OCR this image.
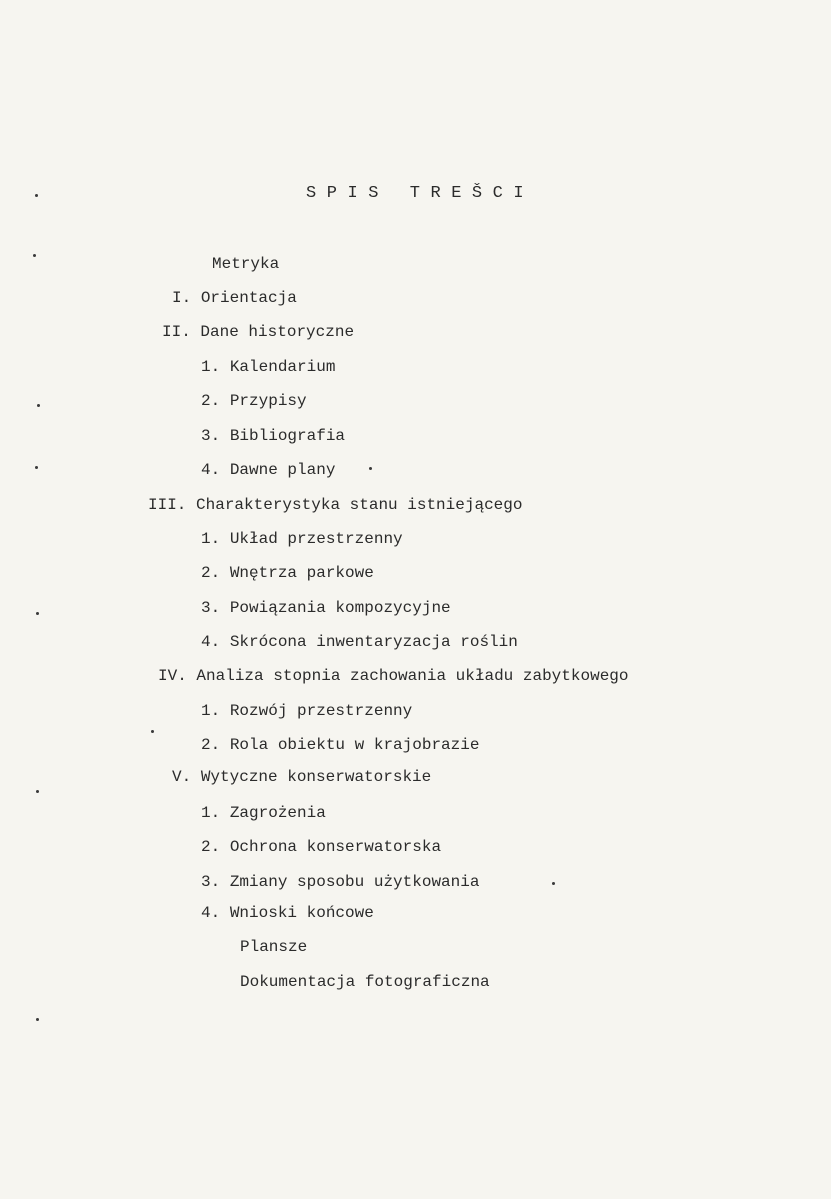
SPIS TREŠCI
Metryka
I. Orientacja
II. Dane historyczne
1. Kalendarium
2. Przypisy
3. Bibliografia
4. Dawne plany
III. Charakterystyka stanu istniejącego
1. Układ przestrzenny
2. Wnętrza parkowe
3. Powiązania kompozycyjne
4. Skrócona inwentaryzacja roślin
IV. Analiza stopnia zachowania układu zabytkowego
1. Rozwój przestrzenny
2. Rola obiektu w krajobrazie
V. Wytyczne konserwatorskie
1. Zagrożenia
2. Ochrona konserwatorska
3. Zmiany sposobu użytkowania
4. Wnioski końcowe
Plansze
Dokumentacja fotograficzna
